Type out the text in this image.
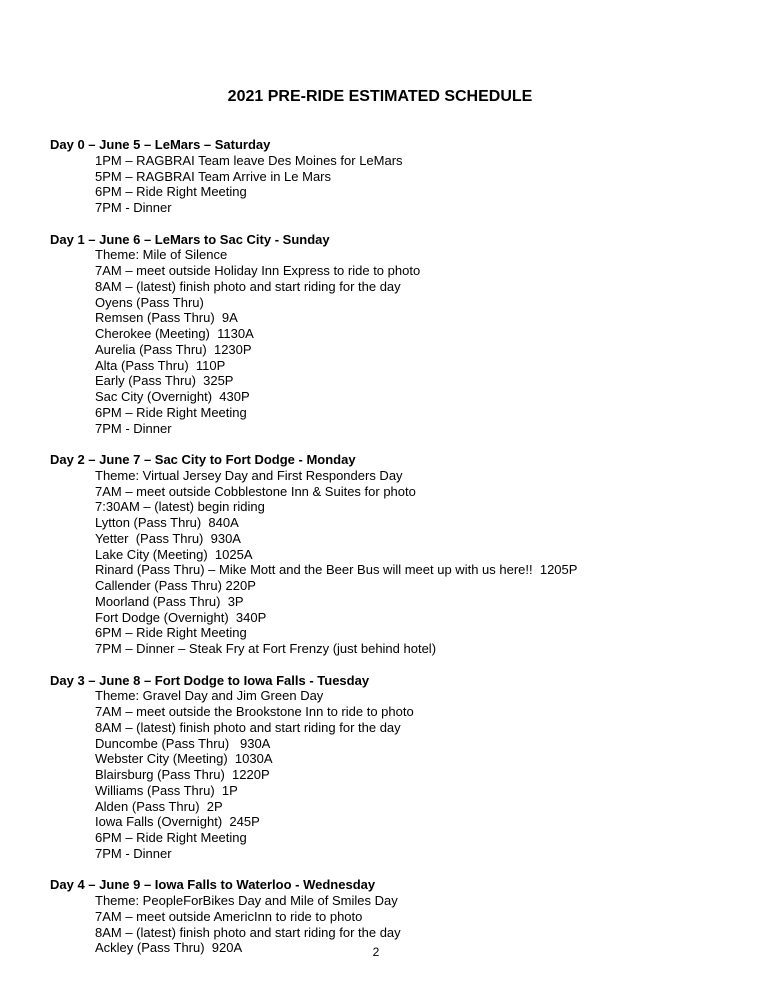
2021 PRE-RIDE ESTIMATED SCHEDULE
Day 0 – June 5 – LeMars – Saturday
1PM – RAGBRAI Team leave Des Moines for LeMars
5PM – RAGBRAI Team Arrive in Le Mars
6PM – Ride Right Meeting
7PM - Dinner
Day 1 – June 6 – LeMars to Sac City - Sunday
Theme: Mile of Silence
7AM – meet outside Holiday Inn Express to ride to photo
8AM – (latest) finish photo and start riding for the day
Oyens (Pass Thru)
Remsen (Pass Thru)  9A
Cherokee (Meeting)  1130A
Aurelia (Pass Thru)  1230P
Alta (Pass Thru)  110P
Early (Pass Thru)  325P
Sac City (Overnight)  430P
6PM – Ride Right Meeting
7PM - Dinner
Day 2 – June 7 – Sac City to Fort Dodge - Monday
Theme: Virtual Jersey Day and First Responders Day
7AM – meet outside Cobblestone Inn & Suites for photo
7:30AM – (latest) begin riding
Lytton (Pass Thru)  840A
Yetter  (Pass Thru)  930A
Lake City (Meeting)  1025A
Rinard (Pass Thru) – Mike Mott and the Beer Bus will meet up with us here!!  1205P
Callender (Pass Thru) 220P
Moorland (Pass Thru)  3P
Fort Dodge (Overnight)  340P
6PM – Ride Right Meeting
7PM – Dinner – Steak Fry at Fort Frenzy (just behind hotel)
Day 3 – June 8 – Fort Dodge to Iowa Falls - Tuesday
Theme: Gravel Day and Jim Green Day
7AM – meet outside the Brookstone Inn to ride to photo
8AM – (latest) finish photo and start riding for the day
Duncombe (Pass Thru)   930A
Webster City (Meeting)  1030A
Blairsburg (Pass Thru)  1220P
Williams (Pass Thru)  1P
Alden (Pass Thru)  2P
Iowa Falls (Overnight)  245P
6PM – Ride Right Meeting
7PM - Dinner
Day 4 – June 9 – Iowa Falls to Waterloo - Wednesday
Theme: PeopleForBikes Day and Mile of Smiles Day
7AM – meet outside AmericInn to ride to photo
8AM – (latest) finish photo and start riding for the day
Ackley (Pass Thru)  920A	2
